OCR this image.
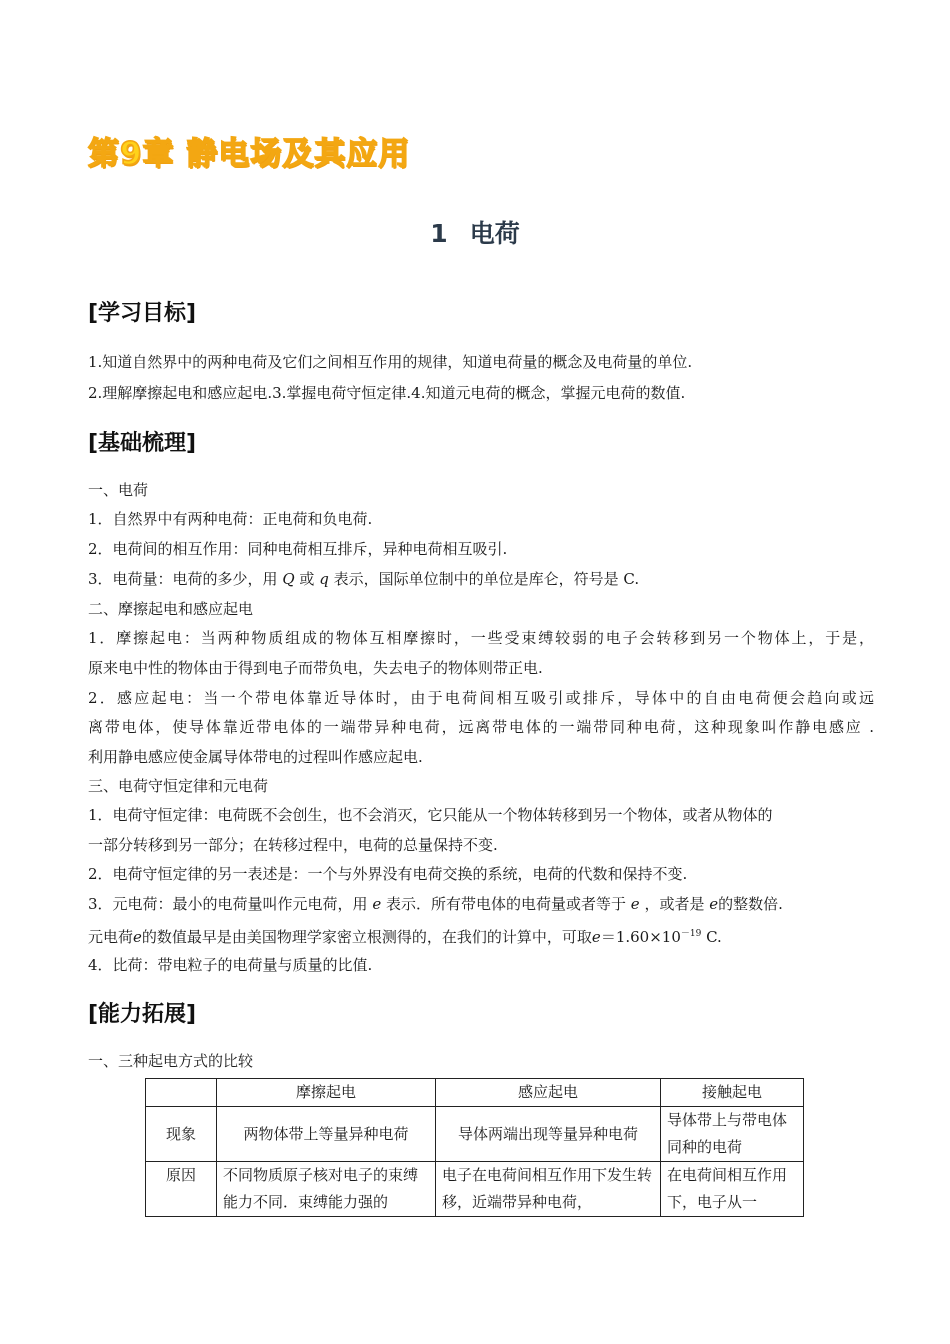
第9章 静电场及其应用
1 电荷
[学习目标]
1.知道自然界中的两种电荷及它们之间相互作用的规律，知道电荷量的概念及电荷量的单位.
2.理解摩擦起电和感应起电.3.掌握电荷守恒定律.4.知道元电荷的概念，掌握元电荷的数值.
[基础梳理]
一、电荷
1．自然界中有两种电荷：正电荷和负电荷.
2．电荷间的相互作用：同种电荷相互排斥，异种电荷相互吸引.
3．电荷量：电荷的多少，用 Q 或 q 表示，国际单位制中的单位是库仑，符号是 C.
二、摩擦起电和感应起电
1．摩擦起电：当两种物质组成的物体互相摩擦时，一些受束缚较弱的电子会转移到另一个物体上，于是，
原来电中性的物体由于得到电子而带负电，失去电子的物体则带正电.
2．感应起电：当一个带电体靠近导体时，由于电荷间相互吸引或排斥，导体中的自由电荷便会趋向或远
离带电体，使导体靠近带电体的一端带异种电荷，远离带电体的一端带同种电荷，这种现象叫作静电感应 .
利用静电感应使金属导体带电的过程叫作感应起电.
三、电荷守恒定律和元电荷
1．电荷守恒定律：电荷既不会创生，也不会消灭，它只能从一个物体转移到另一个物体，或者从物体的
一部分转移到另一部分；在转移过程中，电荷的总量保持不变.
2．电荷守恒定律的另一表述是：一个与外界没有电荷交换的系统，电荷的代数和保持不变.
3．元电荷：最小的电荷量叫作元电荷，用 e 表示．所有带电体的电荷量或者等于 e ，或者是 e的整数倍.
元电荷e的数值最早是由美国物理学家密立根测得的，在我们的计算中，可取$e=1.60\times 10^{-19}$ C.
4．比荷：带电粒子的电荷量与质量的比值.
[能力拓展]
一、三种起电方式的比较
	摩擦起电	感应起电	接触起电
现象	两物体带上等量异种电荷	导体两端出现等量异种电荷	导体带上与带电体同种的电荷
原因	不同物质原子核对电子的束缚能力不同．束缚能力强的	电子在电荷间相互作用下发生转移，近端带异种电荷，	在电荷间相互作用下，电子从一
